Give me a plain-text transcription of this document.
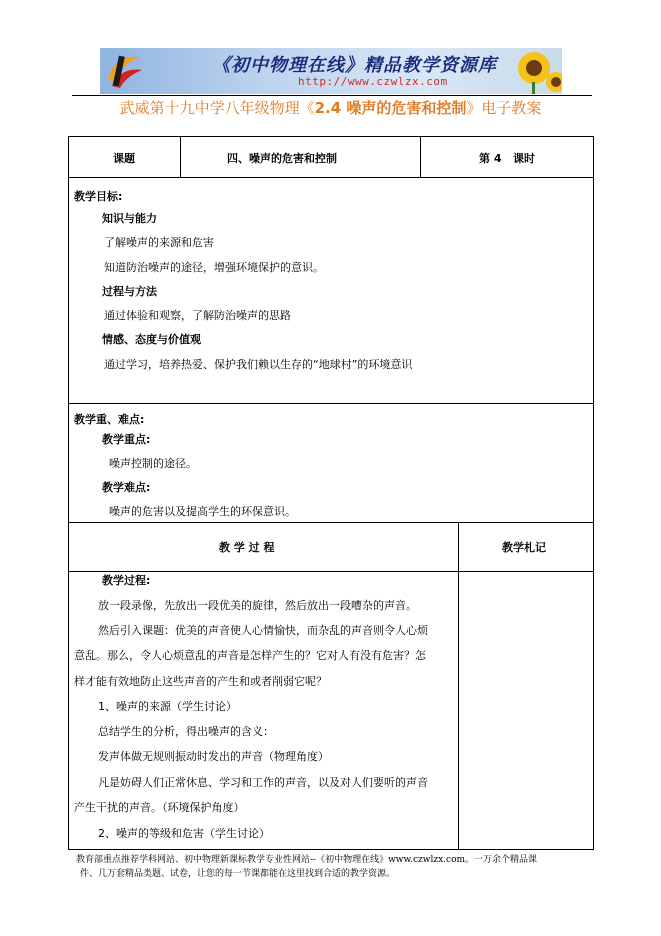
《初中物理在线》精品教学资源库
http://www.czwlzx.com
武威第十九中学八年级物理《2.4 噪声的危害和控制》电子教案
课题	四、噪声的危害和控制	第 4   课时
教学目标:
知识与能力
了解噪声的来源和危害
知道防治噪声的途径，增强环境保护的意识。
过程与方法
通过体验和观察，了解防治噪声的思路
情感、态度与价值观
通过学习，培养热爱、保护我们赖以生存的“地球村”的环境意识
教学重、难点:
教学重点:
噪声控制的途径。
教学难点:
噪声的危害以及提高学生的环保意识。
教 学 过 程	教学札记
教学过程:
放一段录像，先放出一段优美的旋律，然后放出一段嘈杂的声音。
然后引入课题：优美的声音使人心情愉快，而杂乱的声音则令人心烦
意乱。那么，令人心烦意乱的声音是怎样产生的？它对人有没有危害？怎
样才能有效地防止这些声音的产生和或者削弱它呢？
1、噪声的来源（学生讨论）
总结学生的分析，得出噪声的含义：
发声体做无规则振动时发出的声音（物理角度）
凡是妨碍人们正常休息、学习和工作的声音，以及对人们要听的声音
产生干扰的声音。（环境保护角度）
2、噪声的等级和危害（学生讨论）
教育部重点推荐学科网站、初中物理新课标教学专业性网站--《初中物理在线》www.czwlzx.com。一万余个精品课
件、几万套精品类题、试卷，让您的每一节课都能在这里找到合适的教学资源。
